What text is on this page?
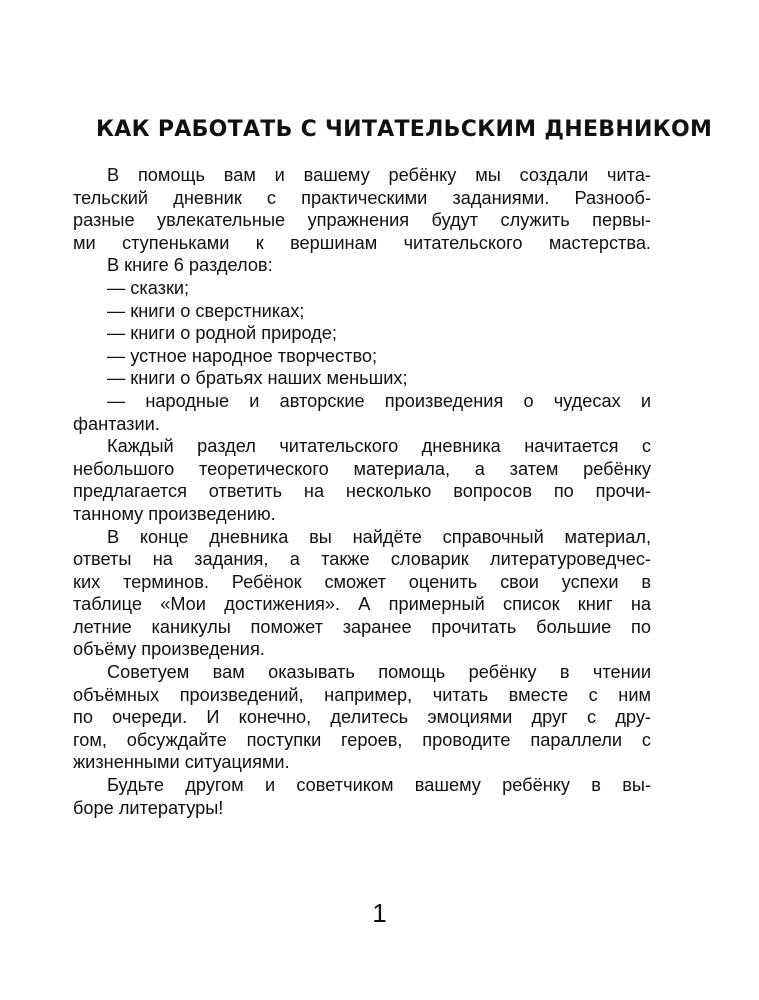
КАК РАБОТАТЬ С ЧИТАТЕЛЬСКИМ ДНЕВНИКОМ
В помощь вам и вашему ребёнку мы создали чита-
тельский дневник с практическими заданиями. Разнооб-
разные увлекательные упражнения будут служить первы-
ми ступеньками к вершинам читательского мастерства.
В книге 6 разделов:
— сказки;
— книги о сверстниках;
— книги о родной природе;
— устное народное творчество;
— книги о братьях наших меньших;
— народные и авторские произведения о чудесах и
фантазии.
Каждый раздел читательского дневника начитается с
небольшого теоретического материала, а затем ребёнку
предлагается ответить на несколько вопросов по прочи-
танному произведению.
В конце дневника вы найдёте справочный материал,
ответы на задания, а также словарик литературоведчес-
ких терминов. Ребёнок сможет оценить свои успехи в
таблице «Мои достижения». А примерный список книг на
летние каникулы поможет заранее прочитать большие по
объёму произведения.
Советуем вам оказывать помощь ребёнку в чтении
объёмных произведений, например, читать вместе с ним
по очереди. И конечно, делитесь эмоциями друг с дру-
гом, обсуждайте поступки героев, проводите параллели с
жизненными ситуациями.
Будьте другом и советчиком вашему ребёнку в вы-
боре литературы!
1
